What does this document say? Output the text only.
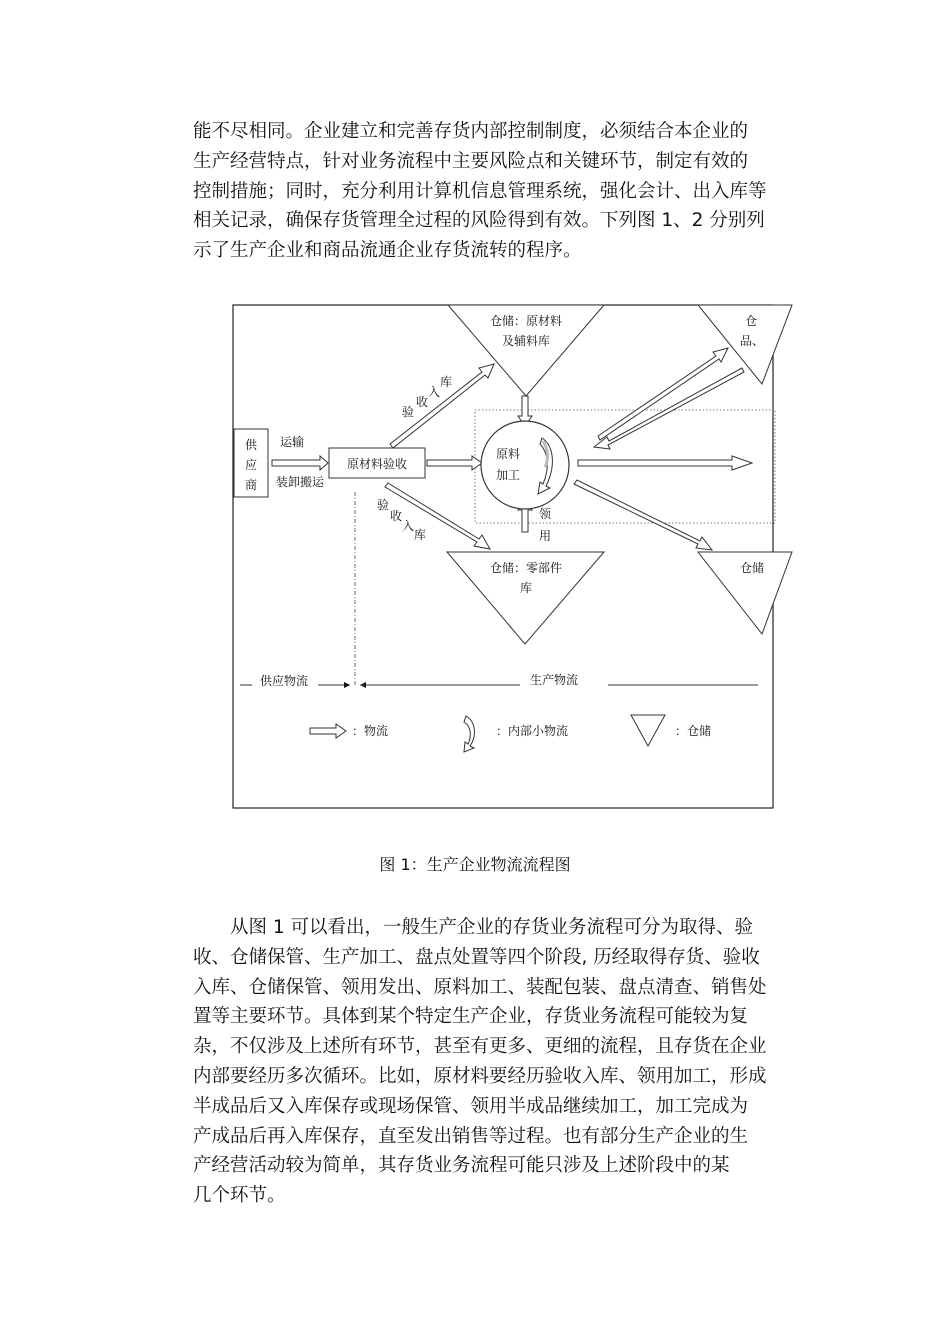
能不尽相同。企业建立和完善存货内部控制制度，必须结合本企业的

生产经营特点，针对业务流程中主要风险点和关键环节，制定有效的

控制措施；同时，充分利用计算机信息管理系统，强化会计、出入库等

相关记录，确保存货管理全过程的风险得到有效。下列图 1、2 分别列

示了生产企业和商品流通企业存货流转的程序。

供
应
商
原材料验收
运输
装卸搬运
原料
加工
仓储：原材料
及辅料库
仓储：零部件
库
仓
品、
仓储
验
收
入
库
验
收
入
库
领
用
供应物流	生产物流
：物流	：内部小物流	：仓储
图 1：生产企业物流流程图

从图 1 可以看出，一般生产企业的存货业务流程可分为取得、验

收、仓储保管、生产加工、盘点处置等四个阶段, 历经取得存货、验收

入库、仓储保管、领用发出、原料加工、装配包装、盘点清查、销售处

置等主要环节。具体到某个特定生产企业，存货业务流程可能较为复

杂，不仅涉及上述所有环节，甚至有更多、更细的流程，且存货在企业

内部要经历多次循环。比如，原材料要经历验收入库、领用加工，形成

半成品后又入库保存或现场保管、领用半成品继续加工，加工完成为

产成品后再入库保存，直至发出销售等过程。也有部分生产企业的生

产经营活动较为简单，其存货业务流程可能只涉及上述阶段中的某

几个环节。
